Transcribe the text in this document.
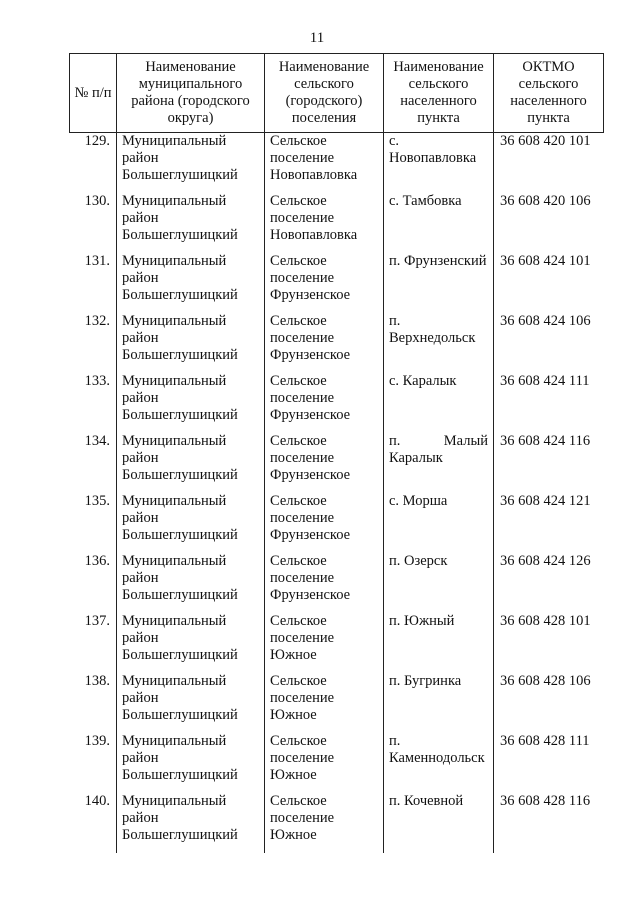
11
№ п/п	Наименование муниципального района (городского округа)	Наименование сельского (городского) поселения	Наименование сельского населенного пункта	ОКТМО сельского населенного пункта
129.	Муниципальный район Большеглушицкий	Сельское поселение Новопавловка	с. Новопавловка	36 608 420 101
130.	Муниципальный район Большеглушицкий	Сельское поселение Новопавловка	с. Тамбовка	36 608 420 106
131.	Муниципальный район Большеглушицкий	Сельское поселение Фрунзенское	п. Фрунзенский	36 608 424 101
132.	Муниципальный район Большеглушицкий	Сельское поселение Фрунзенское	п. Верхнедольск	36 608 424 106
133.	Муниципальный район Большеглушицкий	Сельское поселение Фрунзенское	с. Каралык	36 608 424 111
134.	Муниципальный район Большеглушицкий	Сельское поселение Фрунзенское	п. Малый Каралык	36 608 424 116
135.	Муниципальный район Большеглушицкий	Сельское поселение Фрунзенское	с. Морша	36 608 424 121
136.	Муниципальный район Большеглушицкий	Сельское поселение Фрунзенское	п. Озерск	36 608 424 126
137.	Муниципальный район Большеглушицкий	Сельское поселение Южное	п. Южный	36 608 428 101
138.	Муниципальный район Большеглушицкий	Сельское поселение Южное	п. Бугринка	36 608 428 106
139.	Муниципальный район Большеглушицкий	Сельское поселение Южное	п. Каменнодольск	36 608 428 111
140.	Муниципальный район Большеглушицкий	Сельское поселение Южное	п. Кочевной	36 608 428 116
